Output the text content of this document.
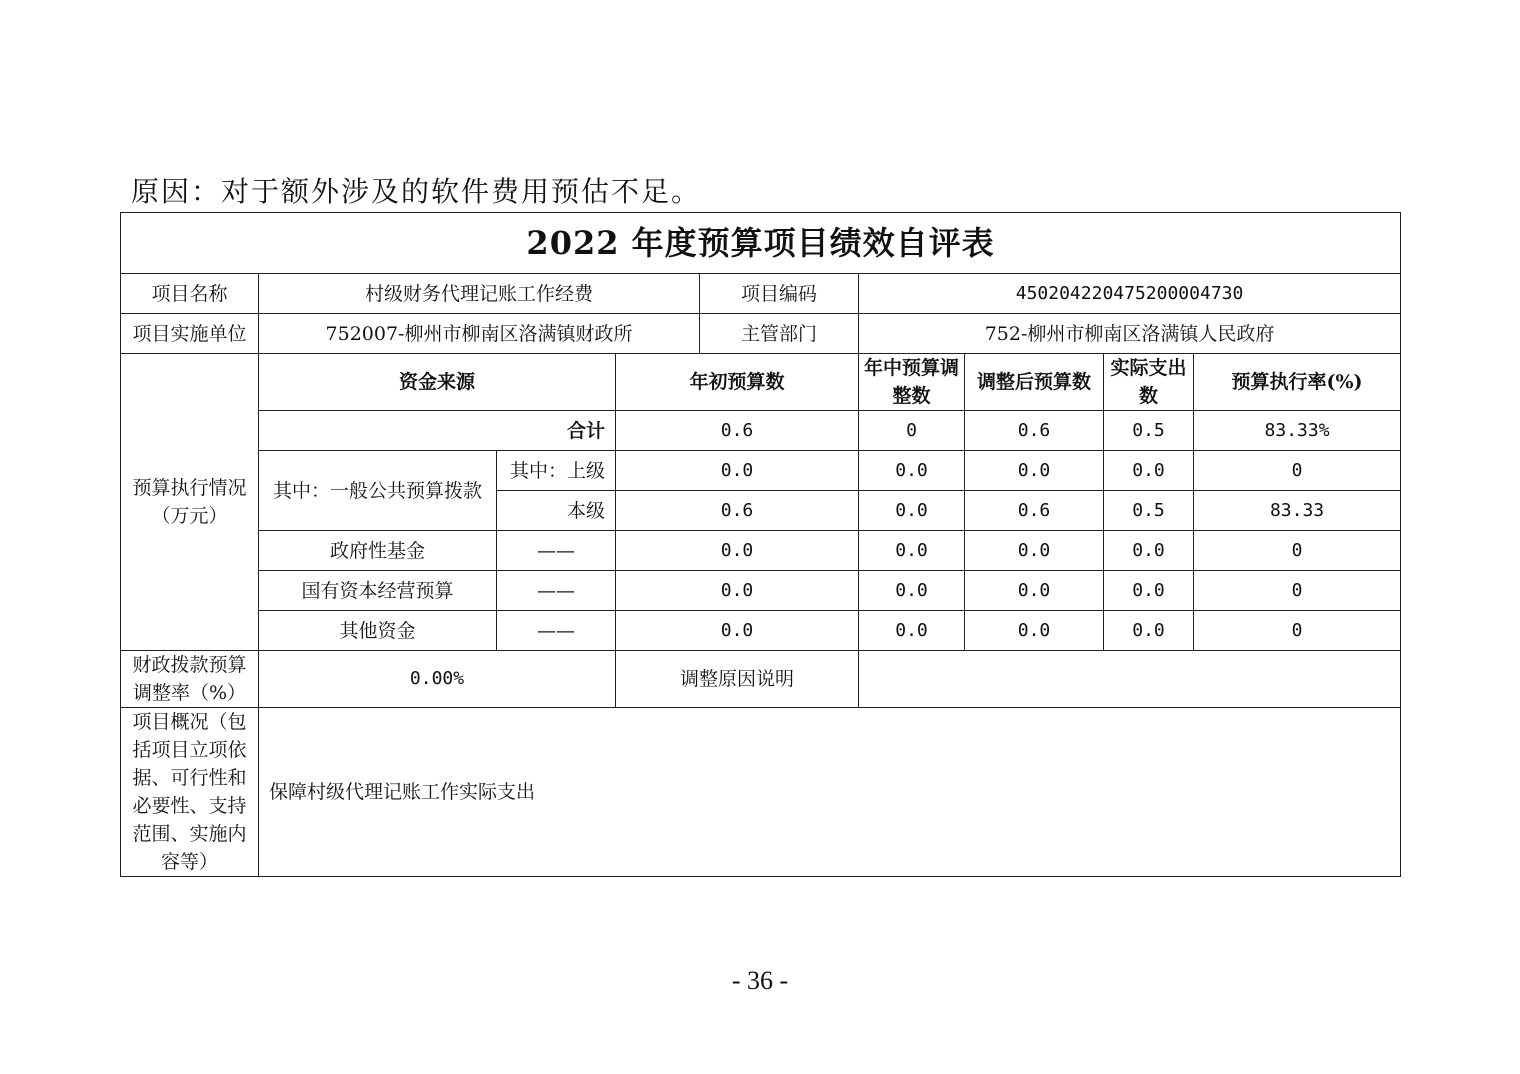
原因：对于额外涉及的软件费用预估不足。
2022 年度预算项目绩效自评表								
项目名称	村级财务代理记账工作经费			项目编码	450204220475200004730			
项目实施单位	752007-柳州市柳南区洛满镇财政所			主管部门	752-柳州市柳南区洛满镇人民政府			
预算执行情况（万元）	资金来源		年初预算数		年中预算调整数	调整后预算数	实际支出数	预算执行率(%)
	合计		0.6		0	0.6	0.5	83.33%
	其中：一般公共预算拨款	其中：上级	0.0		0.0	0.0	0.0	0
		本级	0.6		0.0	0.6	0.5	83.33
	政府性基金	——	0.0		0.0	0.0	0.0	0
	国有资本经营预算	——	0.0		0.0	0.0	0.0	0
	其他资金	——	0.0		0.0	0.0	0.0	0
财政拨款预算调整率（%）	0.00%		调整原因说明					
项目概况（包括项目立项依据、可行性和必要性、支持范围、实施内容等）	保障村级代理记账工作实际支出							
- 36 -
